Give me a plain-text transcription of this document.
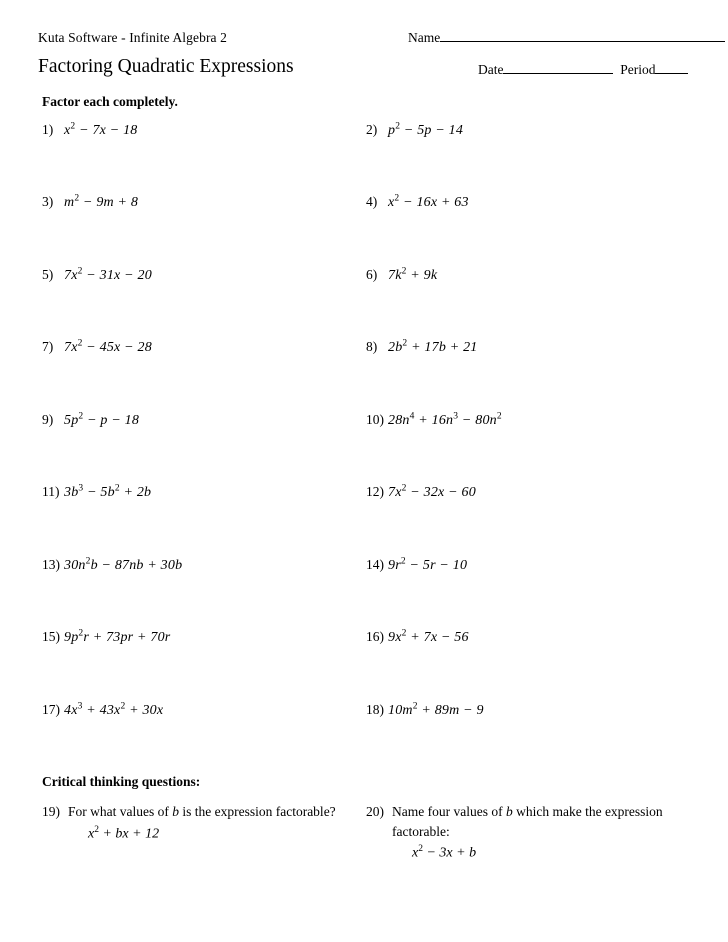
Kuta Software - Infinite Algebra 2	Name
Factoring Quadratic Expressions	Date	Period
Factor each completely.
1) $x^2 - 7x - 18$	2) $p^2 - 5p - 14$
3) $m^2 - 9m + 8$	4) $x^2 - 16x + 63$
5) $7x^2 - 31x - 20$	6) $7k^2 + 9k$
7) $7x^2 - 45x - 28$	8) $2b^2 + 17b + 21$
9) $5p^2 - p - 18$	10) $28n^4 + 16n^3 - 80n^2$
11) $3b^3 - 5b^2 + 2b$	12) $7x^2 - 32x - 60$
13) $30n^2b - 87nb + 30b$	14) $9r^2 - 5r - 10$
15) $9p^2r + 73pr + 70r$	16) $9x^2 + 7x - 56$
17) $4x^3 + 43x^2 + 30x$	18) $10m^2 + 89m - 9$
Critical thinking questions:
19) For what values of b is the expression factorable?
$x^2$ + bx + 12
20) Name four values of b which make the expression factorable:
$x^2 - 3x + b$
